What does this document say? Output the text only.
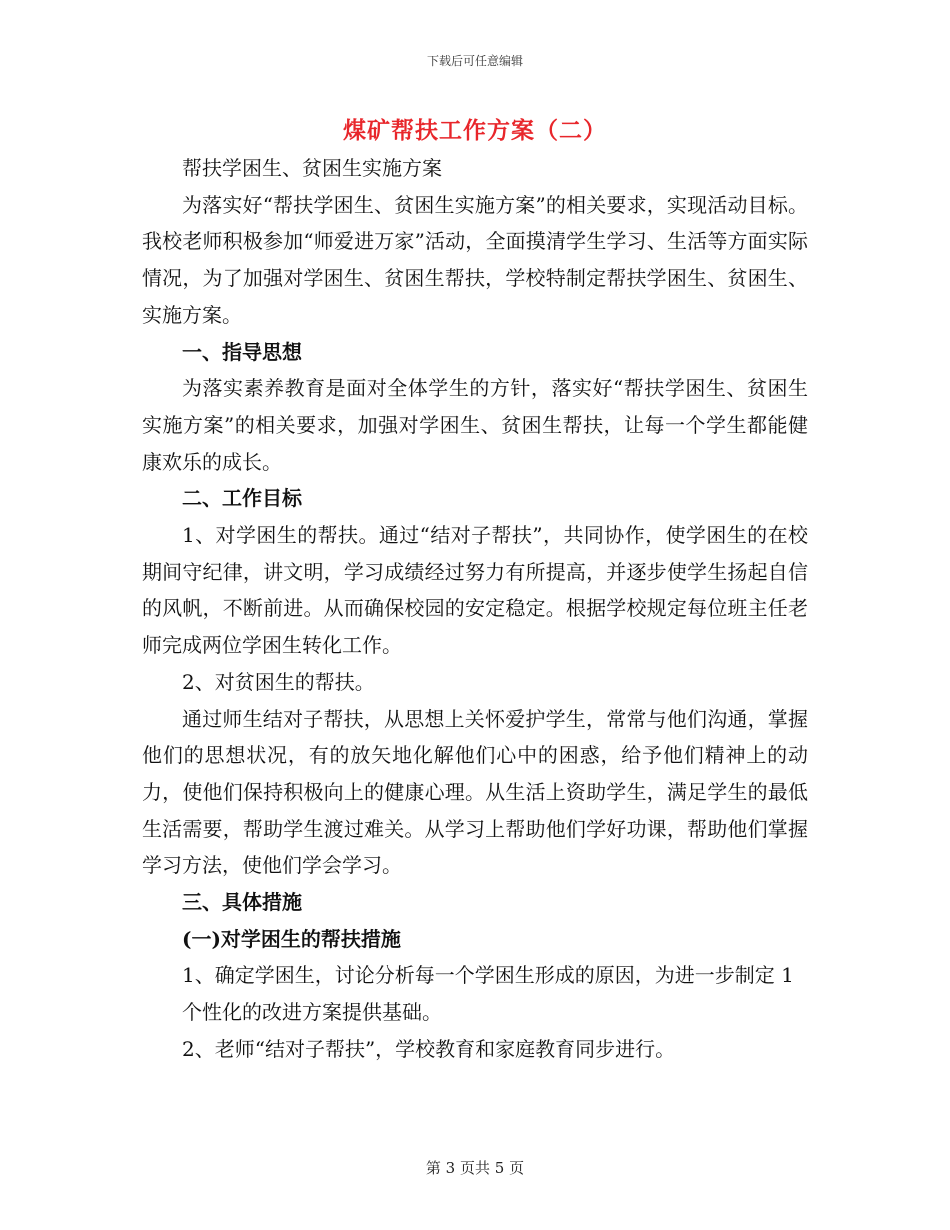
下载后可任意编辑
煤矿帮扶工作方案（二）

帮扶学困生、贫困生实施方案

为落实好“帮扶学困生、贫困生实施方案”的相关要求，实现活动目标。我校老师积极参加“师爱进万家”活动，全面摸清学生学习、生活等方面实际情况，为了加强对学困生、贫困生帮扶，学校特制定帮扶学困生、贫困生、实施方案。

一、指导思想

为落实素养教育是面对全体学生的方针，落实好“帮扶学困生、贫困生实施方案”的相关要求，加强对学困生、贫困生帮扶，让每一个学生都能健康欢乐的成长。

二、工作目标

1、对学困生的帮扶。通过“结对子帮扶”，共同协作，使学困生的在校期间守纪律，讲文明，学习成绩经过努力有所提高，并逐步使学生扬起自信的风帆，不断前进。从而确保校园的安定稳定。根据学校规定每位班主任老师完成两位学困生转化工作。

2、对贫困生的帮扶。

通过师生结对子帮扶，从思想上关怀爱护学生，常常与他们沟通，掌握他们的思想状况，有的放矢地化解他们心中的困惑，给予他们精神上的动力，使他们保持积极向上的健康心理。从生活上资助学生，满足学生的最低生活需要，帮助学生渡过难关。从学习上帮助他们学好功课，帮助他们掌握学习方法，使他们学会学习。

三、具体措施

(一)对学困生的帮扶措施

1、确定学困生，讨论分析每一个学困生形成的原因，为进一步制定 1

个性化的改进方案提供基础。

2、老师“结对子帮扶”，学校教育和家庭教育同步进行。

第 3 页共 5 页
